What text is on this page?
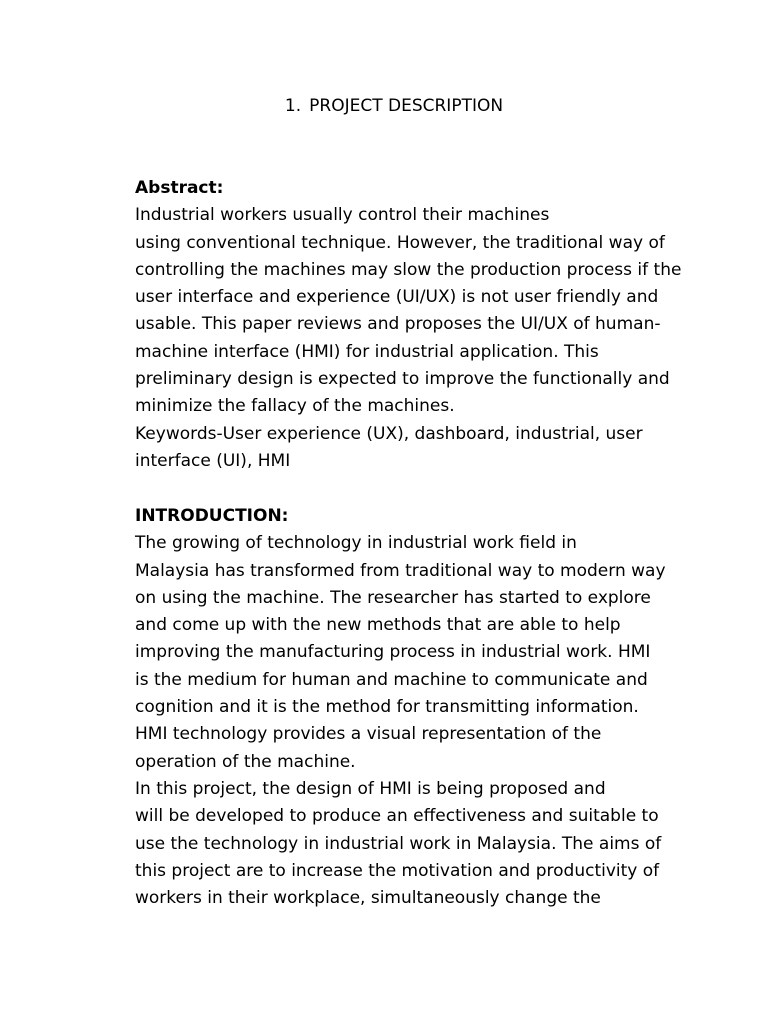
1. PROJECT DESCRIPTION
Abstract:
Industrial workers usually control their machines
using conventional technique. However, the traditional way of
controlling the machines may slow the production process if the
user interface and experience (UI/UX) is not user friendly and
usable. This paper reviews and proposes the UI/UX of human-
machine interface (HMI) for industrial application. This
preliminary design is expected to improve the functionally and
minimize the fallacy of the machines.
Keywords-User experience (UX), dashboard, industrial, user
interface (UI), HMI
INTRODUCTION:
The growing of technology in industrial work field in
Malaysia has transformed from traditional way to modern way
on using the machine. The researcher has started to explore
and come up with the new methods that are able to help
improving the manufacturing process in industrial work. HMI
is the medium for human and machine to communicate and
cognition and it is the method for transmitting information.
HMI technology provides a visual representation of the
operation of the machine.
In this project, the design of HMI is being proposed and
will be developed to produce an effectiveness and suitable to
use the technology in industrial work in Malaysia. The aims of
this project are to increase the motivation and productivity of
workers in their workplace, simultaneously change the
